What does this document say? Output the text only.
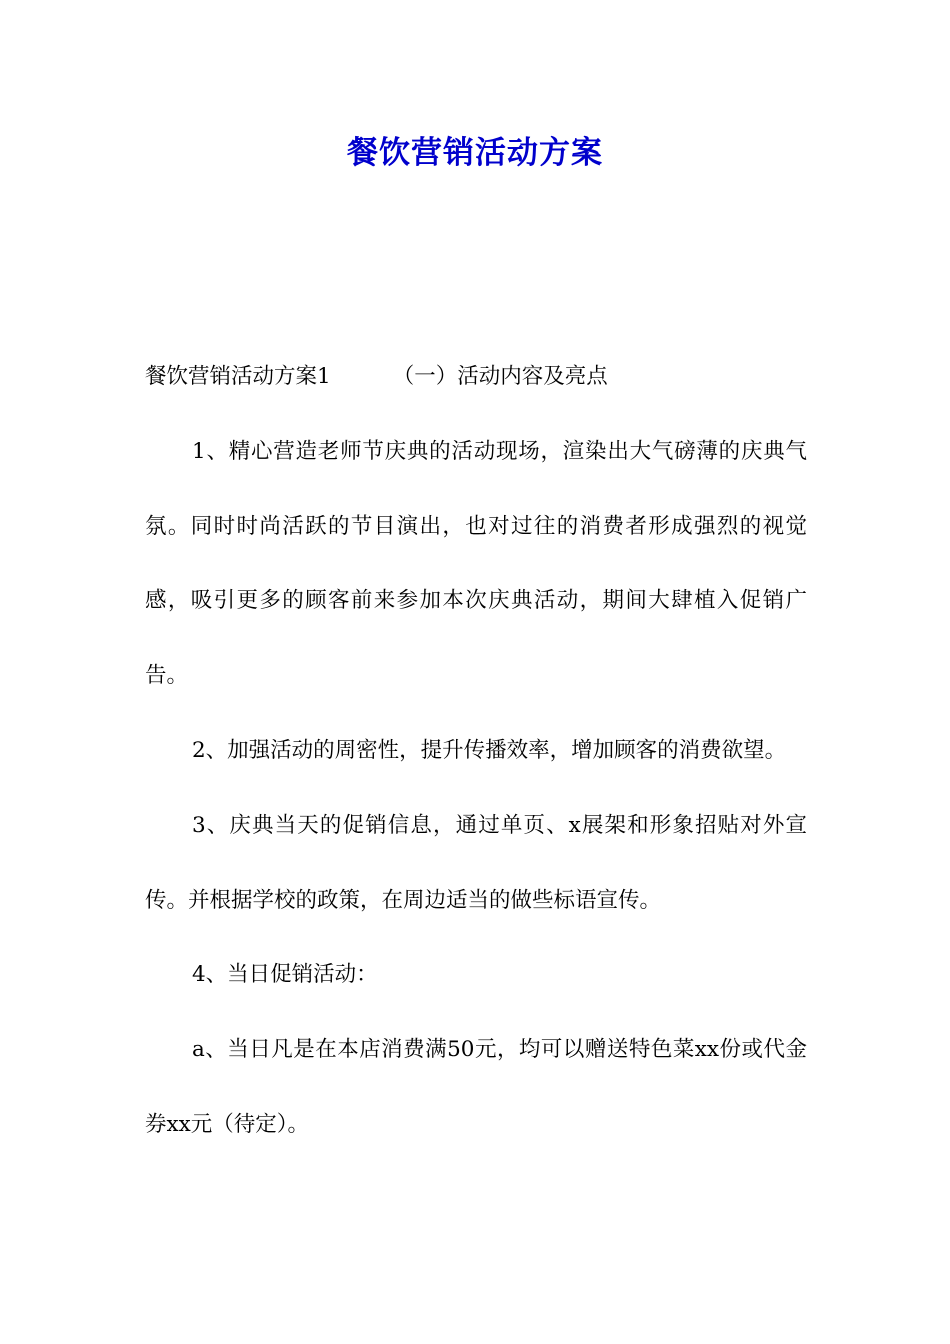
餐饮营销活动方案

餐饮营销活动方案1	（一）活动内容及亮点

1、精心营造老师节庆典的活动现场，渲染出大气磅薄的庆典气氛。同时时尚活跃的节目演出，也对过往的消费者形成强烈的视觉感，吸引更多的顾客前来参加本次庆典活动，期间大肆植入促销广告。

2、加强活动的周密性，提升传播效率，增加顾客的消费欲望。

3、庆典当天的促销信息，通过单页、x展架和形象招贴对外宣传。并根据学校的政策，在周边适当的做些标语宣传。

4、当日促销活动：

a、当日凡是在本店消费满50元，均可以赠送特色菜xx份或代金券xx元（待定）。
